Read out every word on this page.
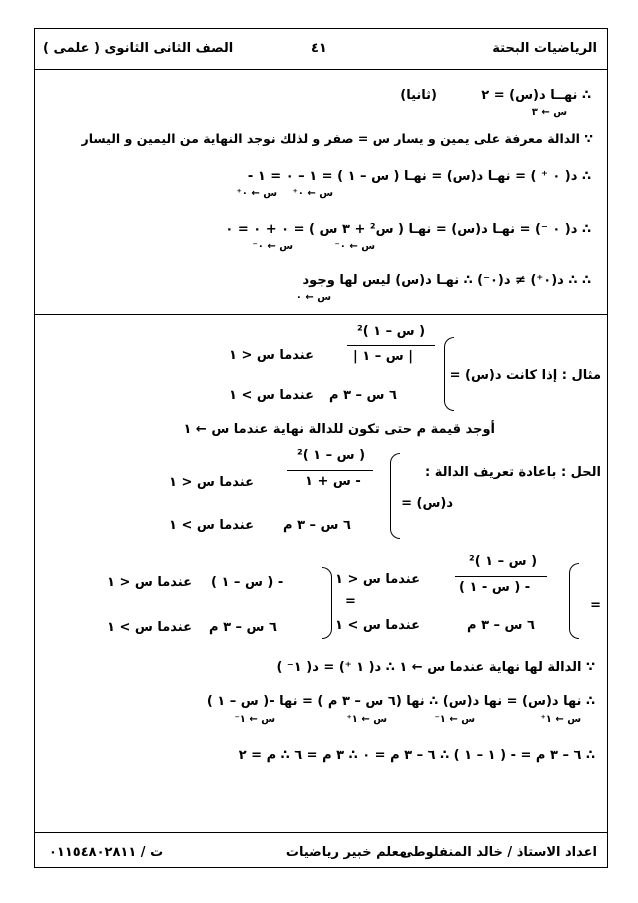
الرياضيات البحتة
٤١
الصف الثانى الثانوى ( علمى )
∴ نهــا د(س) = ٢
(ثانيا)
س ← ٣
∵ الدالة معرفة على يمين و يسار س = صفر و لذلك نوجد النهاية من اليمين و اليسار
∴ د( ٠ ⁺ ) = نهـا د(س) = نهـا ( س – ١ ) = ١ – ٠ = ١ -
س ← ٠⁺
س ← ٠⁺
∴ د( ٠ ⁻) = نهـا د(س) = نهـا ( س² + ٣ س ) = ٠ + ٠ = ٠
س ← ٠⁻
س ← ٠⁻
∴ ∴ د(٠⁺) ≠ د(٠⁻) ∴ نهـا د(س) ليس لها وجود
س ← ٠
مثال : إذا كانت د(س) =
( س – ١ )²
| س – ١ |
عندما س < ١
٦ س – ٣ م
عندما س > ١
أوجد قيمة م حتى تكون للدالة نهاية عندما س ← ١
الحل : باعادة تعريف الدالة :
د(س) =
( س – ١ )²
- س + ١
عندما س < ١
٦ س – ٣ م
عندما س > ١
=
( س – ١ )²
- ( س - ١ )
عندما س < ١
=
٦ س – ٣ م
عندما س > ١
- ( س – ١ )
عندما س < ١
٦ س – ٣ م
عندما س > ١
∵ الدالة لها نهاية عندما س ← ١ ∴ د( ١ ⁺) = د( ١⁻ )
∴ نها د(س) = نها د(س) ∴ نها (٦ س – ٣ م ) = نها -( س – ١ )
س ← ١⁺
س ← ١⁻
س ← ١⁺
س ← ١⁻
∴ ٦ – ٣ م = - ( ١ – ١ ) ∴ ٦ – ٣ م = ٠ ∴ ٣ م = ٦ ∴ م = ٢
اعداد الاستاذ / خالد المنفلوطى
معلم خبير رياضيات
ت / ٠١١٥٤٨٠٢٨١١
